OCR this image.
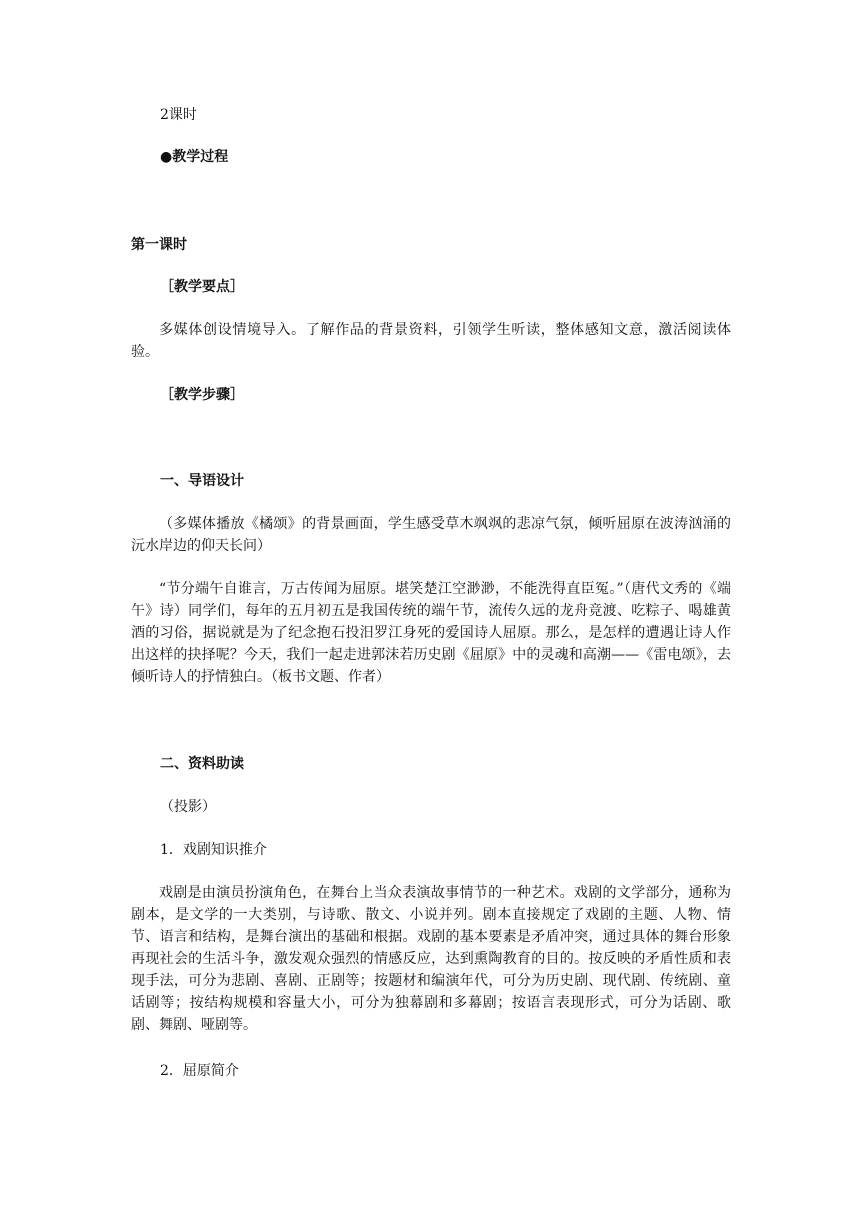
2课时
●教学过程
第一课时
［教学要点］
多媒体创设情境导入。了解作品的背景资料，引领学生听读，整体感知文意，激活阅读体验。
［教学步骤］
一、导语设计
（多媒体播放《橘颂》的背景画面，学生感受草木飒飒的悲凉气氛，倾听屈原在波涛汹涌的沅水岸边的仰天长问）
“节分端午自谁言，万古传闻为屈原。堪笑楚江空渺渺，不能洗得直臣冤。”（唐代文秀的《端午》诗）同学们，每年的五月初五是我国传统的端午节，流传久远的龙舟竞渡、吃粽子、喝雄黄酒的习俗，据说就是为了纪念抱石投汨罗江身死的爱国诗人屈原。那么，是怎样的遭遇让诗人作出这样的抉择呢？今天，我们一起走进郭沫若历史剧《屈原》中的灵魂和高潮——《雷电颂》，去倾听诗人的抒情独白。（板书文题、作者）
二、资料助读
（投影）
1．戏剧知识推介
戏剧是由演员扮演角色，在舞台上当众表演故事情节的一种艺术。戏剧的文学部分，通称为剧本，是文学的一大类别，与诗歌、散文、小说并列。剧本直接规定了戏剧的主题、人物、情节、语言和结构，是舞台演出的基础和根据。戏剧的基本要素是矛盾冲突，通过具体的舞台形象再现社会的生活斗争，激发观众强烈的情感反应，达到熏陶教育的目的。按反映的矛盾性质和表现手法，可分为悲剧、喜剧、正剧等；按题材和编演年代，可分为历史剧、现代剧、传统剧、童话剧等；按结构规模和容量大小，可分为独幕剧和多幕剧；按语言表现形式，可分为话剧、歌剧、舞剧、哑剧等。
2．屈原简介
